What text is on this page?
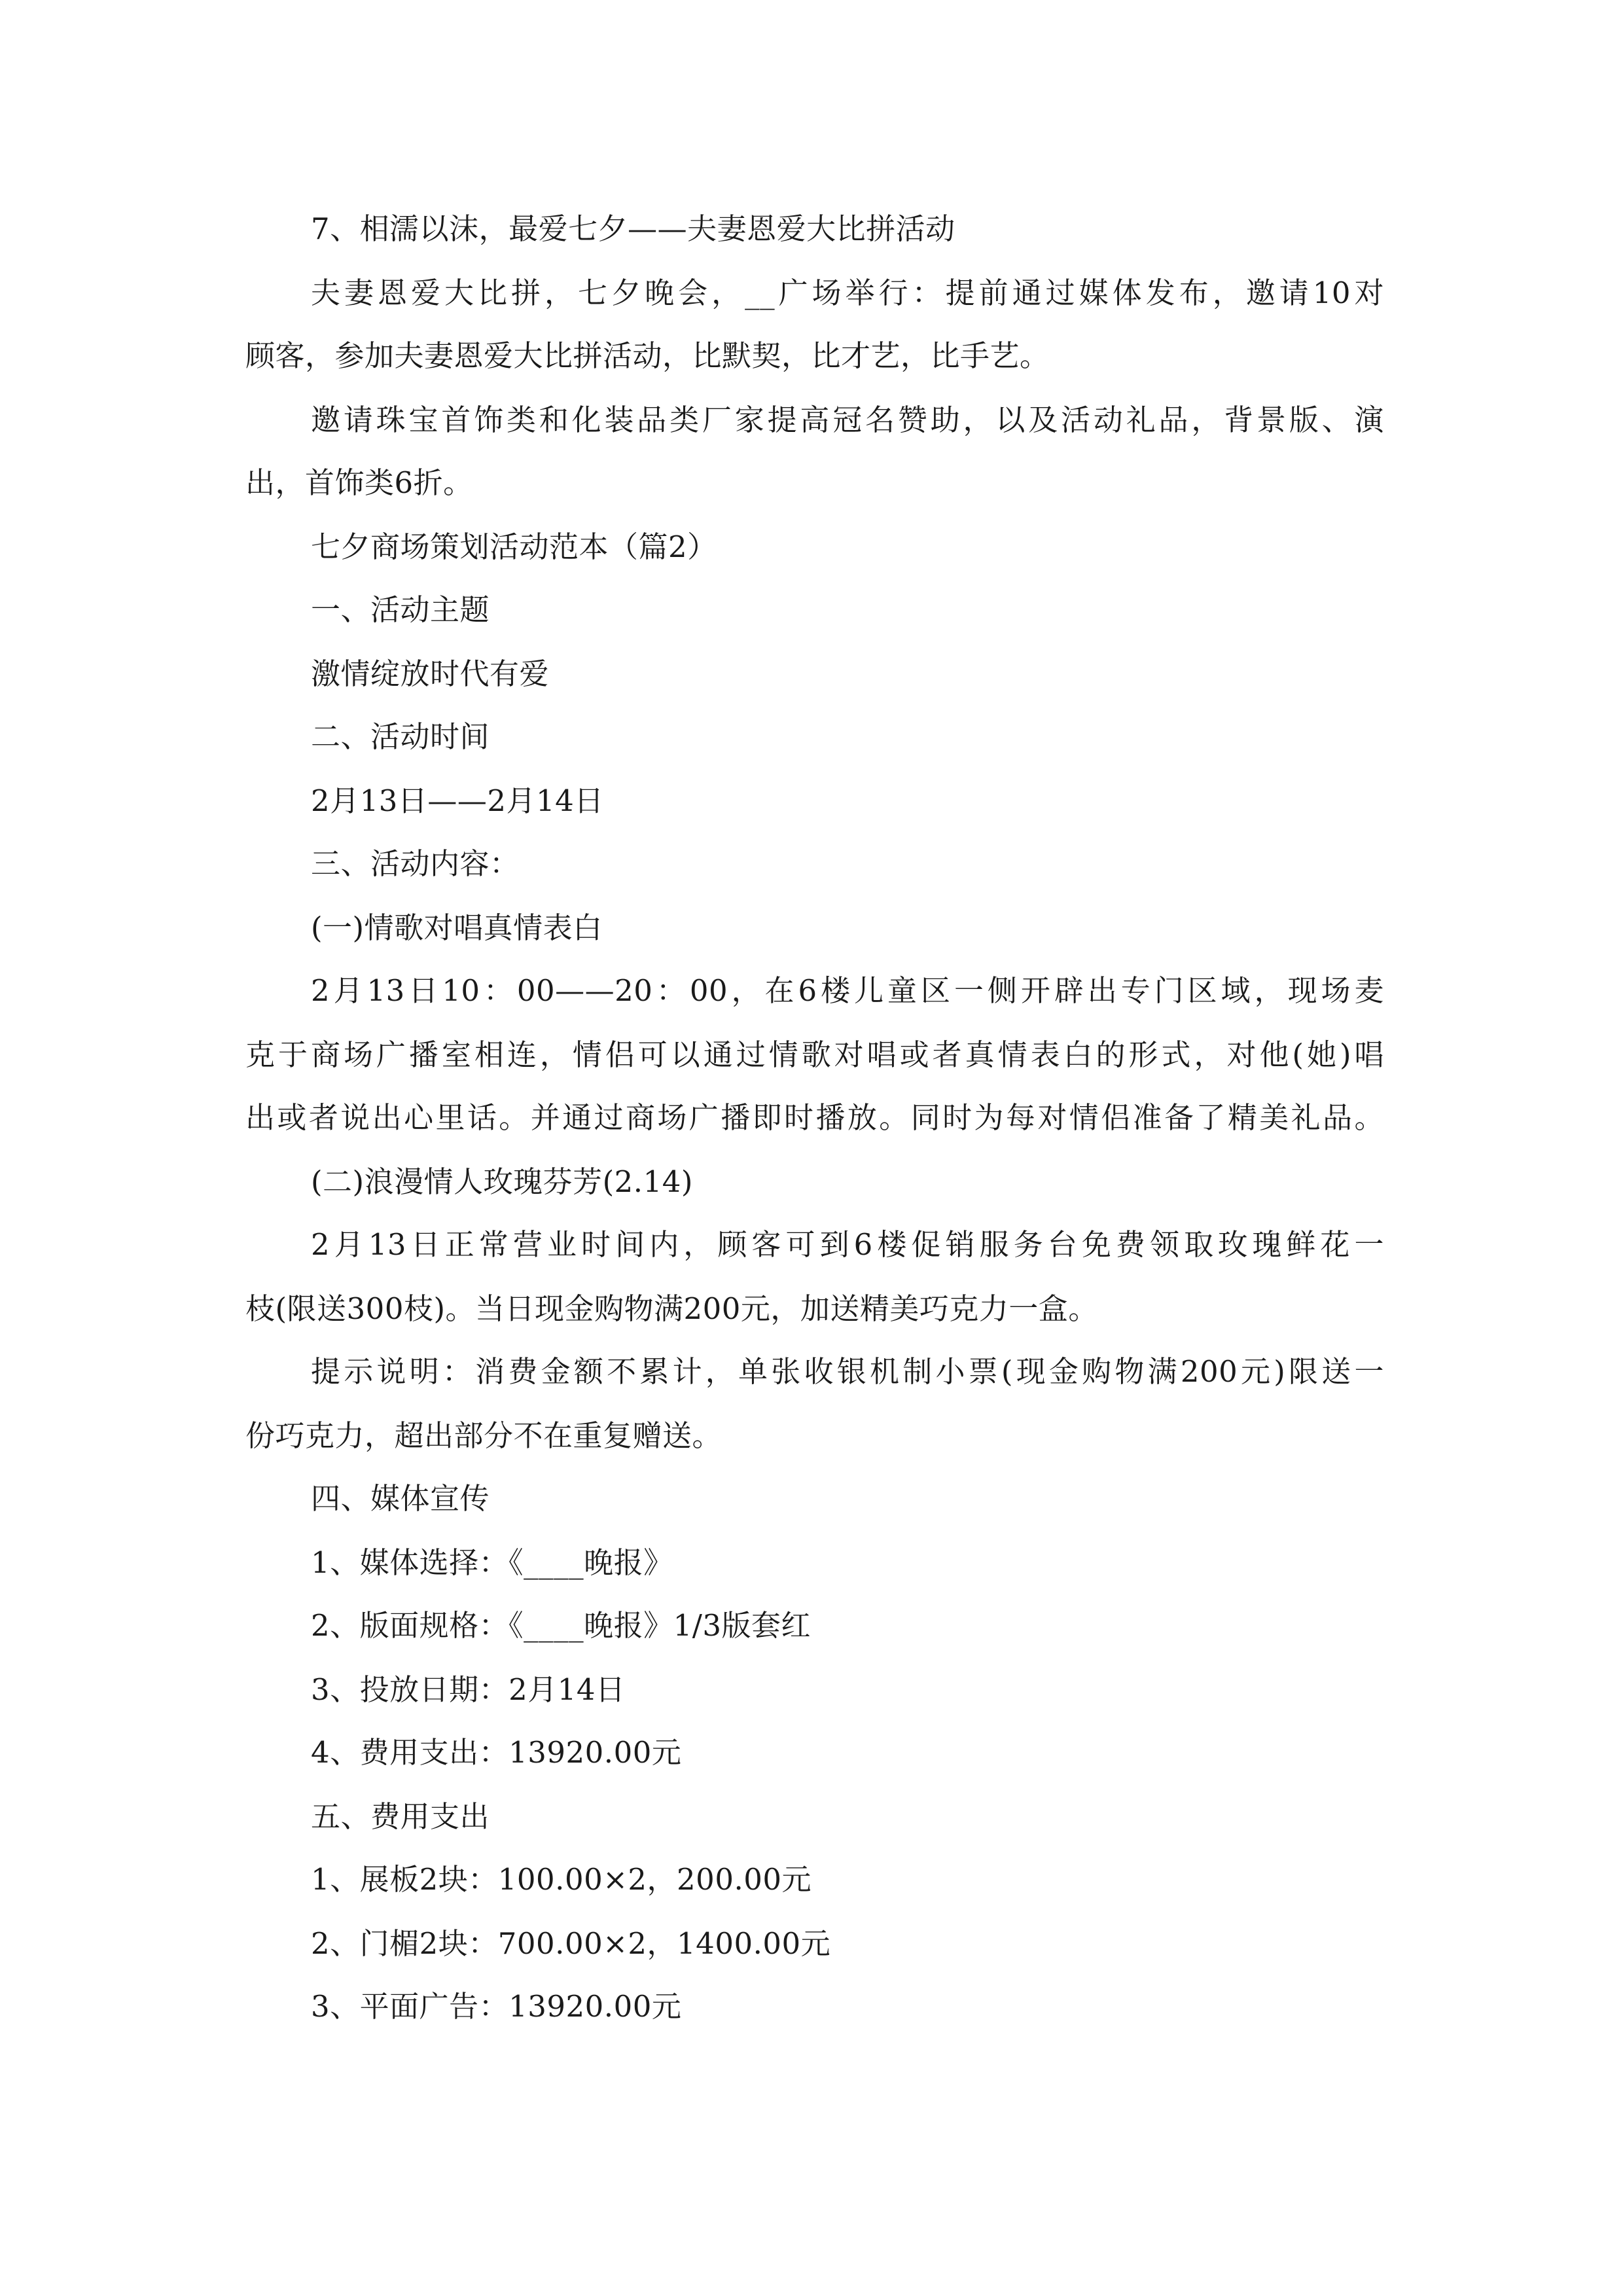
7、相濡以沫，最爱七夕——夫妻恩爱大比拼活动
夫妻恩爱大比拼，七夕晚会，__广场举行：提前通过媒体发布，邀请10对
顾客，参加夫妻恩爱大比拼活动，比默契，比才艺，比手艺。
邀请珠宝首饰类和化装品类厂家提高冠名赞助，以及活动礼品，背景版、演
出，首饰类6折。
七夕商场策划活动范本（篇2）
一、活动主题
激情绽放时代有爱
二、活动时间
2月13日——2月14日
三、活动内容：
(一)情歌对唱真情表白
2月13日10：00——20：00，在6楼儿童区一侧开辟出专门区域，现场麦
克于商场广播室相连，情侣可以通过情歌对唱或者真情表白的形式，对他(她)唱
出或者说出心里话。并通过商场广播即时播放。同时为每对情侣准备了精美礼品。
(二)浪漫情人玫瑰芬芳(2.14)
2月13日正常营业时间内，顾客可到6楼促销服务台免费领取玫瑰鲜花一
枝(限送300枝)。当日现金购物满200元，加送精美巧克力一盒。
提示说明：消费金额不累计，单张收银机制小票(现金购物满200元)限送一
份巧克力，超出部分不在重复赠送。
四、媒体宣传
1、媒体选择：《____晚报》
2、版面规格：《____晚报》1/3版套红
3、投放日期：2月14日
4、费用支出：13920.00元
五、费用支出
1、展板2块：100.00×2，200.00元
2、门楣2块：700.00×2，1400.00元
3、平面广告：13920.00元
